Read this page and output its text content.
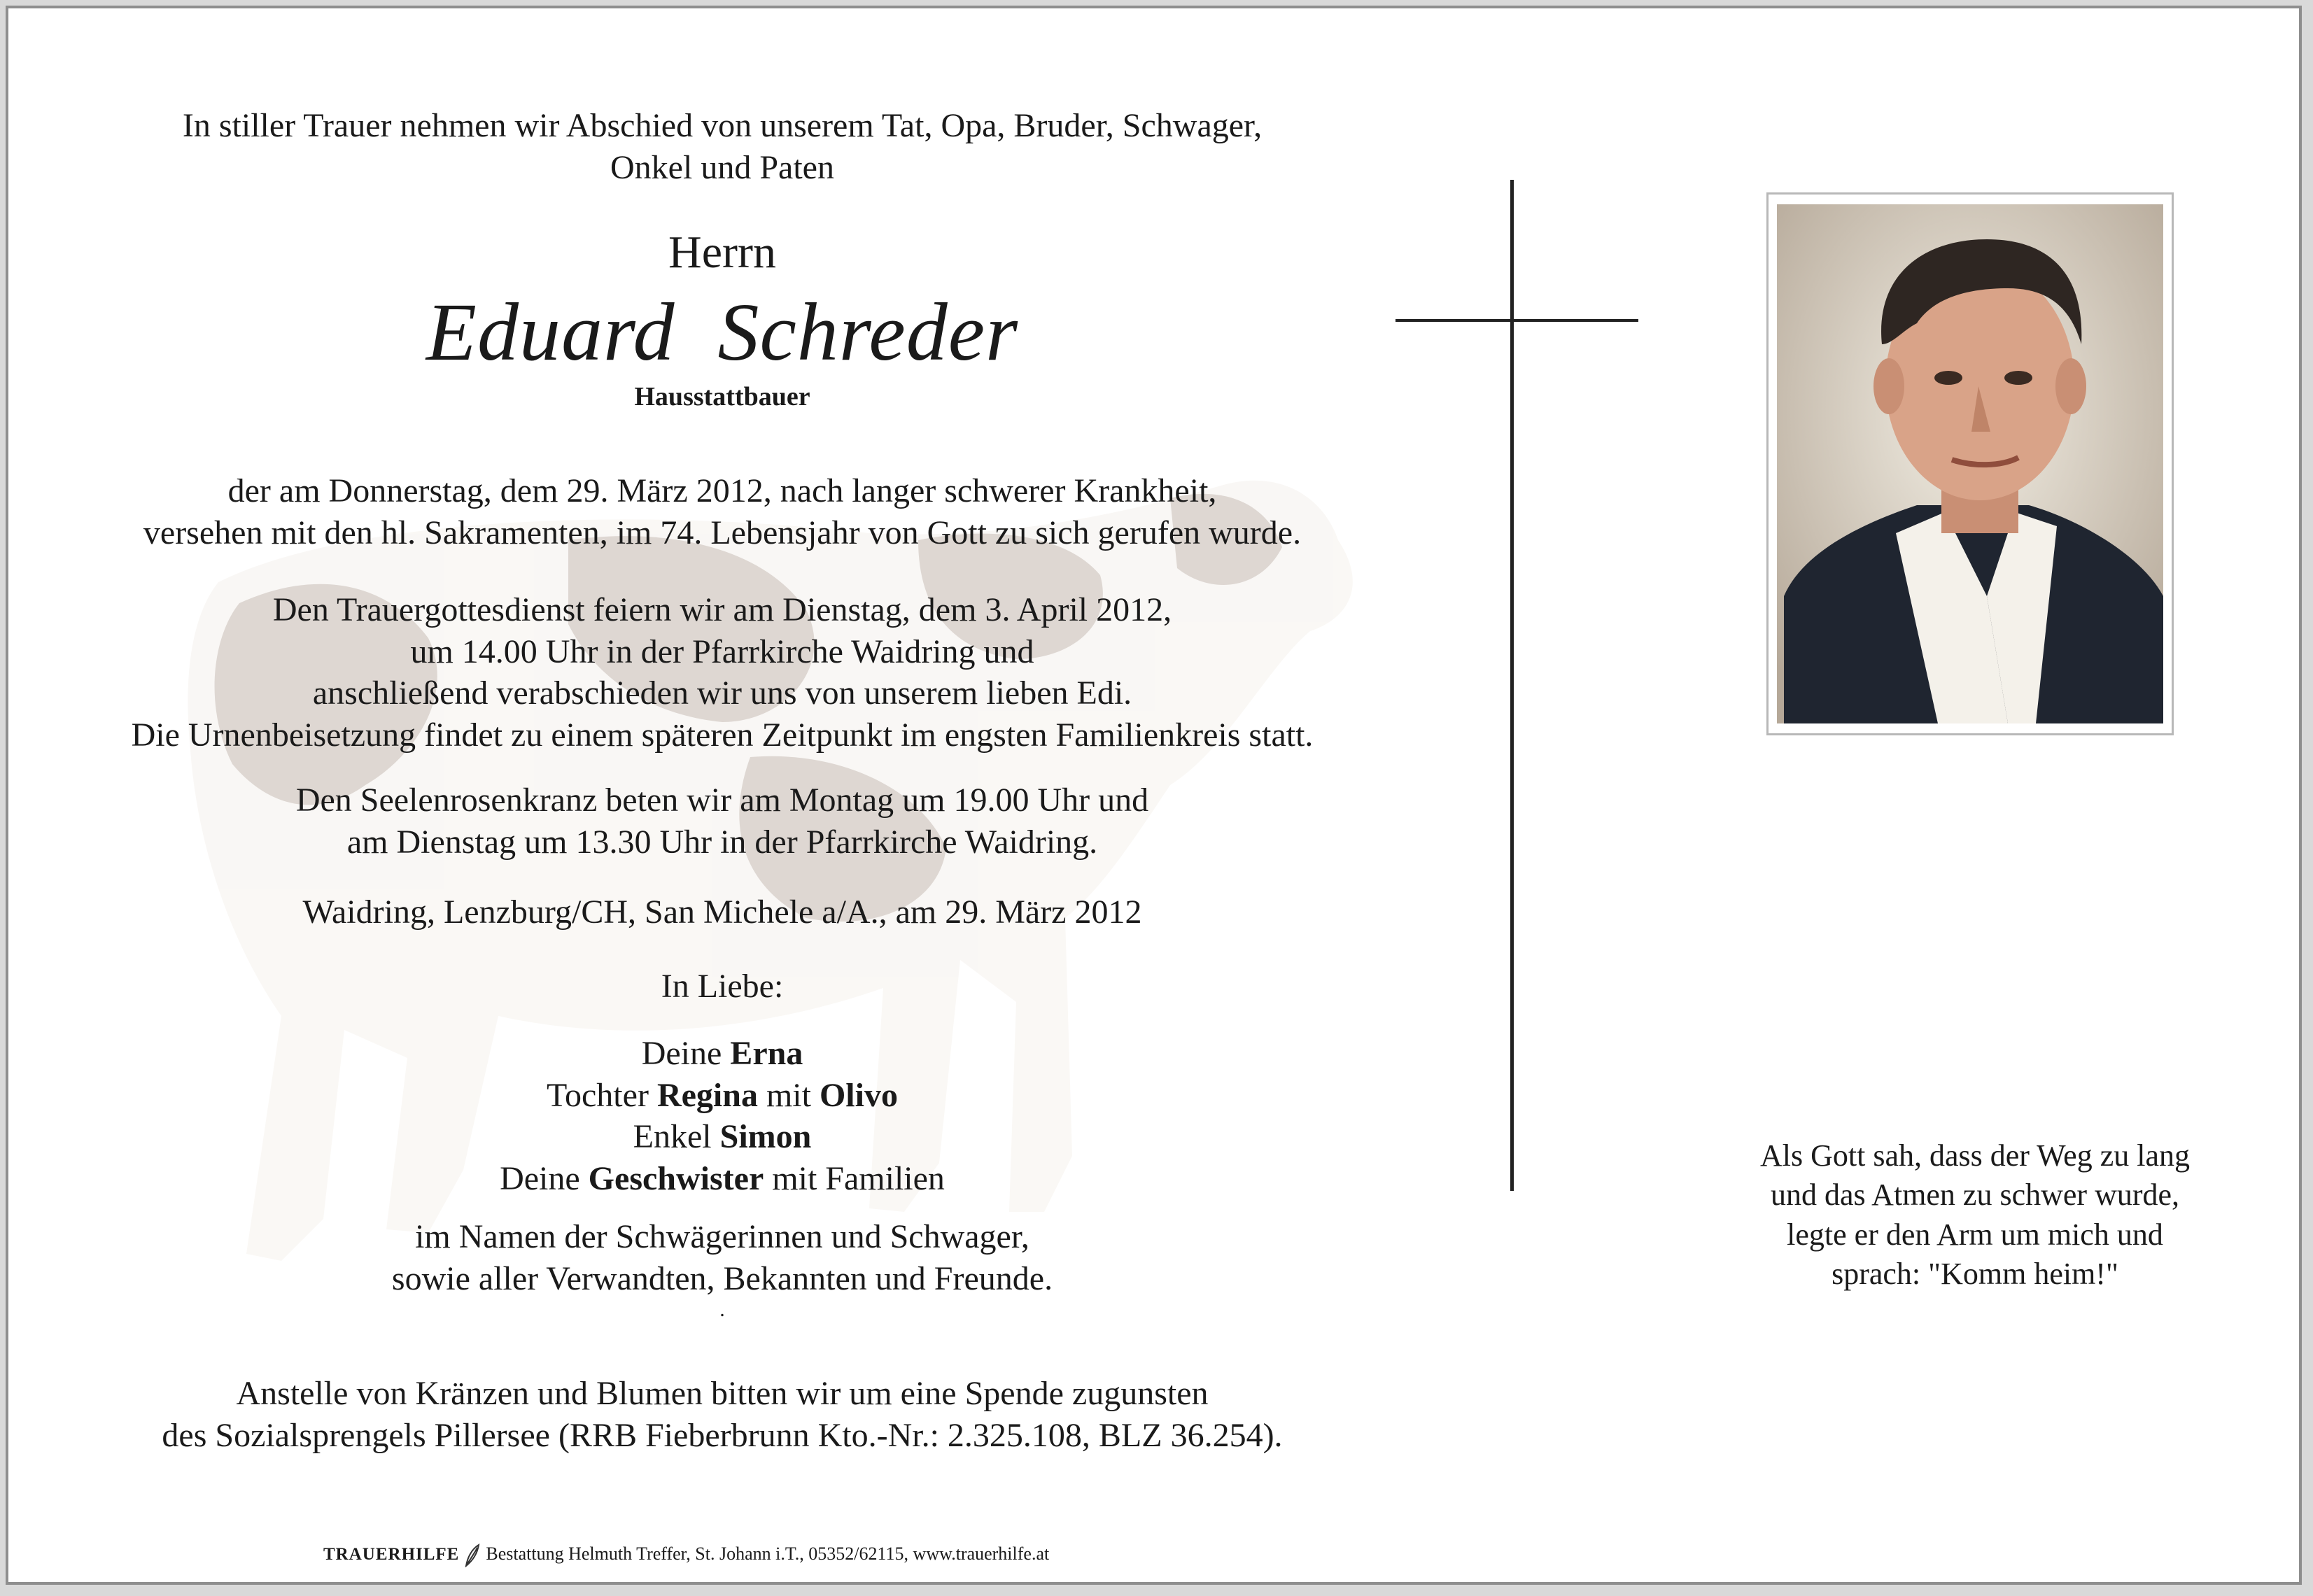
In stiller Trauer nehmen wir Abschied von unserem Tat, Opa, Bruder, Schwager,
Onkel und Paten
Herrn
Eduard  Schreder
Hausstattbauer
der am Donnerstag, dem 29. März 2012, nach langer schwerer Krankheit,
versehen mit den hl. Sakramenten, im 74. Lebensjahr von Gott zu sich gerufen wurde.
Den Trauergottesdienst feiern wir am Dienstag, dem 3. April 2012,
um 14.00 Uhr in der Pfarrkirche Waidring und
anschließend verabschieden wir uns von unserem lieben Edi.
Die Urnenbeisetzung findet zu einem späteren Zeitpunkt im engsten Familienkreis statt.
Den Seelenrosenkranz beten wir am Montag um 19.00 Uhr und
am Dienstag um 13.30 Uhr in der Pfarrkirche Waidring.
Waidring, Lenzburg/CH, San Michele a/A., am 29. März 2012
In Liebe:
Deine Erna
Tochter Regina mit Olivo
Enkel Simon
Deine Geschwister mit Familien
im Namen der Schwägerinnen und Schwager,
sowie aller Verwandten, Bekannten und Freunde.
.
Anstelle von Kränzen und Blumen bitten wir um eine Spende zugunsten
des Sozialsprengels Pillersee (RRB Fieberbrunn Kto.-Nr.: 2.325.108, BLZ 36.254).
Als Gott sah, dass der Weg zu lang
und das Atmen zu schwer wurde,
legte er den Arm um mich und
sprach: "Komm heim!"
TRAUERHILFE Bestattung Helmuth Treffer, St. Johann i.T., 05352/62115, www.trauerhilfe.at
